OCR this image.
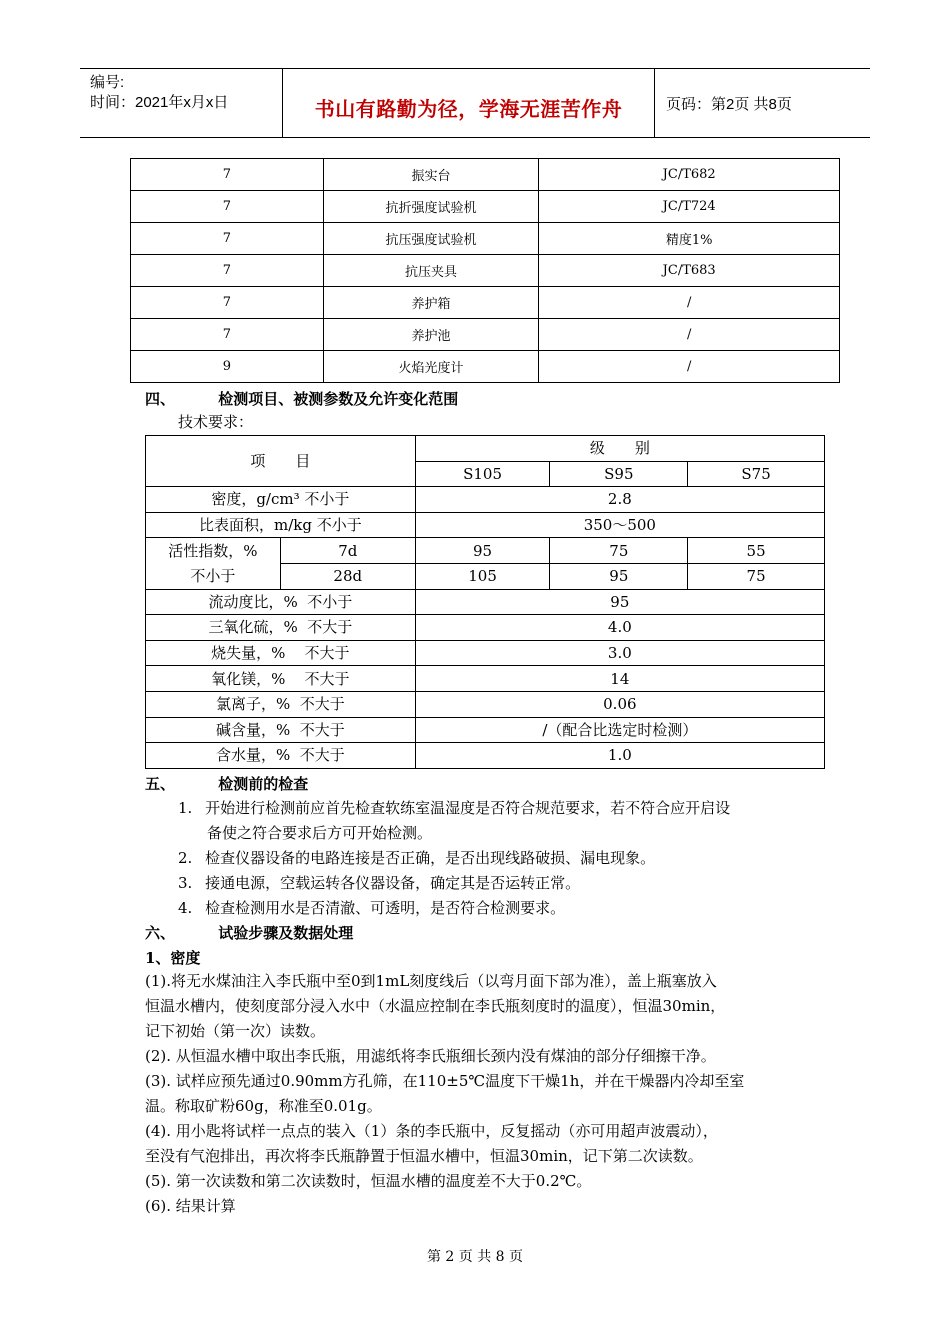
编号:
时间：2021年x月x日	书山有路勤为径，学海无涯苦作舟	页码：第2页 共8页
7	振实台	JC/T682
7	抗折强度试验机	JC/T724
7	抗压强度试验机	精度1%
7	抗压夹具	JC/T683
7	养护箱	/
7	养护池	/
9	火焰光度计	/
四、	检测项目、被测参数及允许变化范围
技术要求：
项　　目		级　　别		
		S105	S95	S75
密度，g/cm³ 不小于		2.8		
比表面积，m/kg 不小于		350～500		
活性指数，%	7d	95	75	55
不小于	28d	105	95	75
流动度比，%  不小于		95		
三氧化硫，%  不大于		4.0		
烧失量，%    不大于		3.0		
氧化镁，%    不大于		14		
氯离子，%  不大于		0.06		
碱含量，%  不大于		/（配合比选定时检测）		
含水量，%  不大于		1.0		
五、	检测前的检查
1. 开始进行检测前应首先检查软练室温湿度是否符合规范要求，若不符合应开启设
备使之符合要求后方可开始检测。
2. 检查仪器设备的电路连接是否正确，是否出现线路破损、漏电现象。
3. 接通电源，空载运转各仪器设备，确定其是否运转正常。
4. 检查检测用水是否清澈、可透明，是否符合检测要求。
六、	试验步骤及数据处理
1、密度
(1).将无水煤油注入李氏瓶中至0到1mL刻度线后（以弯月面下部为准），盖上瓶塞放入
恒温水槽内，使刻度部分浸入水中（水温应控制在李氏瓶刻度时的温度），恒温30min，
记下初始（第一次）读数。
(2). 从恒温水槽中取出李氏瓶，用滤纸将李氏瓶细长颈内没有煤油的部分仔细擦干净。
(3). 试样应预先通过0.90mm方孔筛，在110±5℃温度下干燥1h，并在干燥器内冷却至室
温。称取矿粉60g，称准至0.01g。
(4). 用小匙将试样一点点的装入（1）条的李氏瓶中，反复摇动（亦可用超声波震动），
至没有气泡排出，再次将李氏瓶静置于恒温水槽中，恒温30min，记下第二次读数。
(5). 第一次读数和第二次读数时，恒温水槽的温度差不大于0.2℃。
(6). 结果计算
第 2 页 共 8 页
